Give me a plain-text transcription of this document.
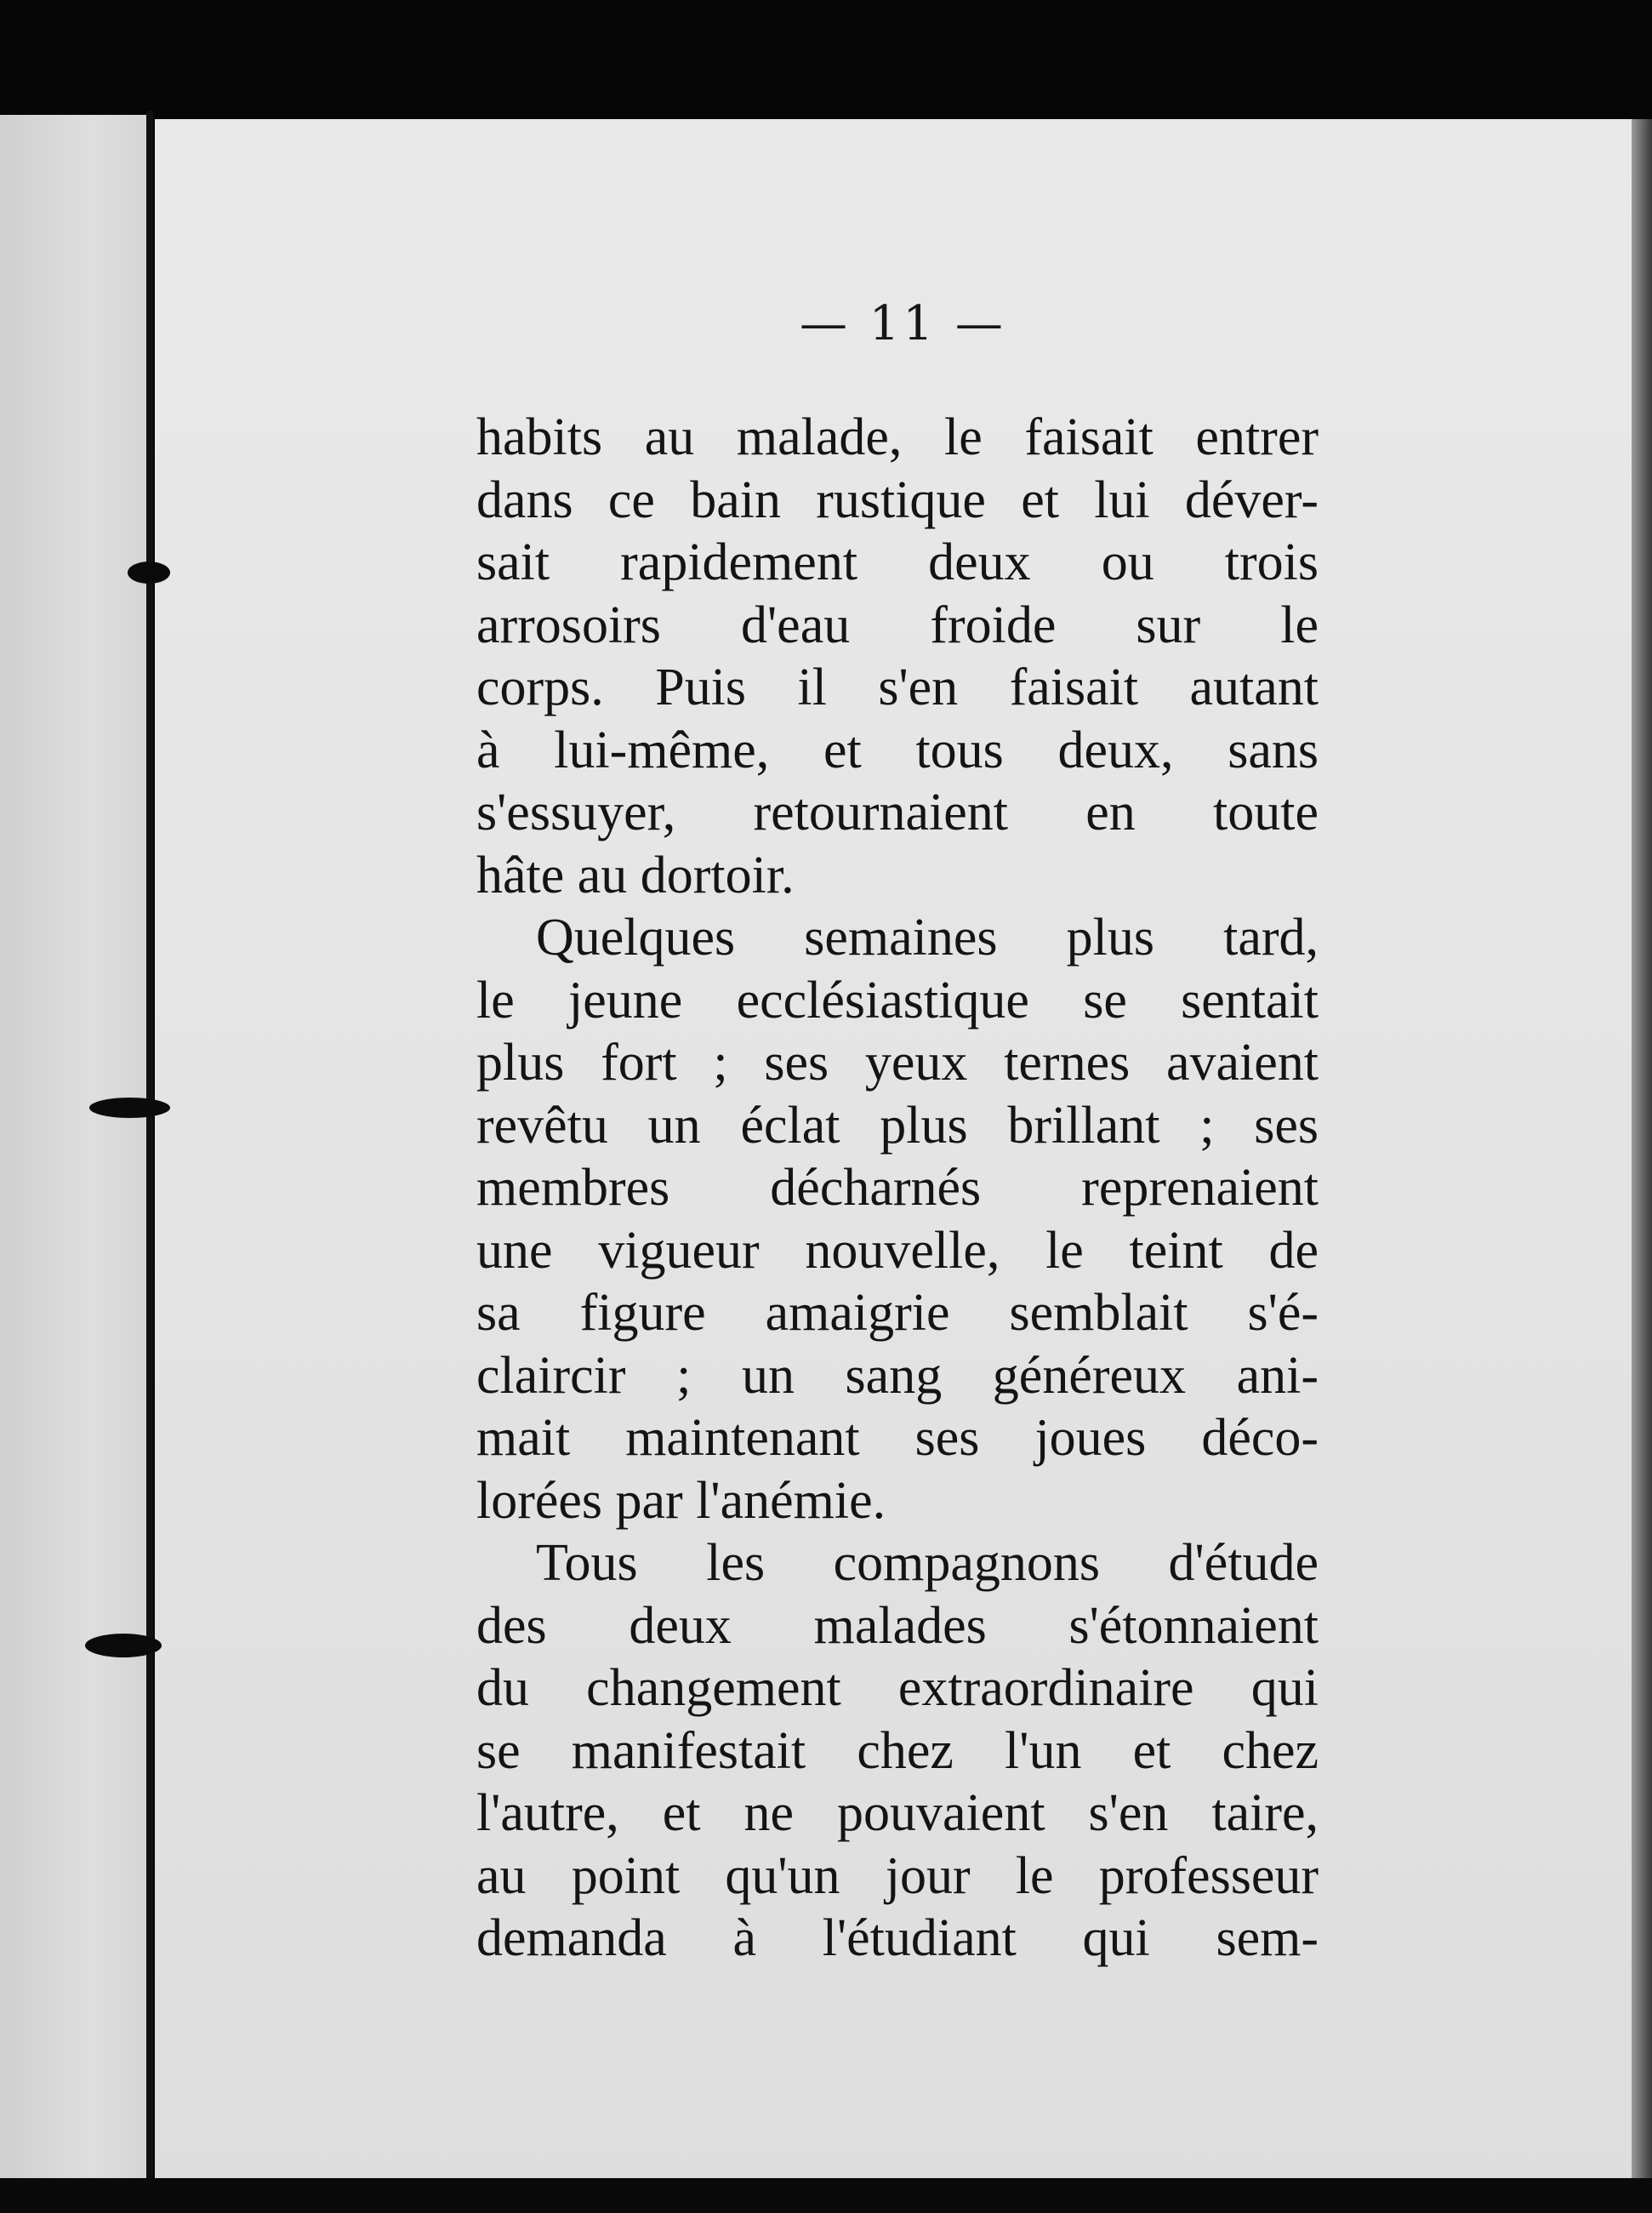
— 11 —
habits au malade, le faisait entrer
dans ce bain rustique et lui déver-
sait rapidement deux ou trois
arrosoirs d'eau froide sur le
corps. Puis il s'en faisait autant
à lui-même, et tous deux, sans
s'essuyer, retournaient en toute
hâte au dortoir.
Quelques semaines plus tard,
le jeune ecclésiastique se sentait
plus fort ; ses yeux ternes avaient
revêtu un éclat plus brillant ; ses
membres décharnés reprenaient
une vigueur nouvelle, le teint de
sa figure amaigrie semblait s'é-
claircir ; un sang généreux ani-
mait maintenant ses joues déco-
lorées par l'anémie.
Tous les compagnons d'étude
des deux malades s'étonnaient
du changement extraordinaire qui
se manifestait chez l'un et chez
l'autre, et ne pouvaient s'en taire,
au point qu'un jour le professeur
demanda à l'étudiant qui sem-
